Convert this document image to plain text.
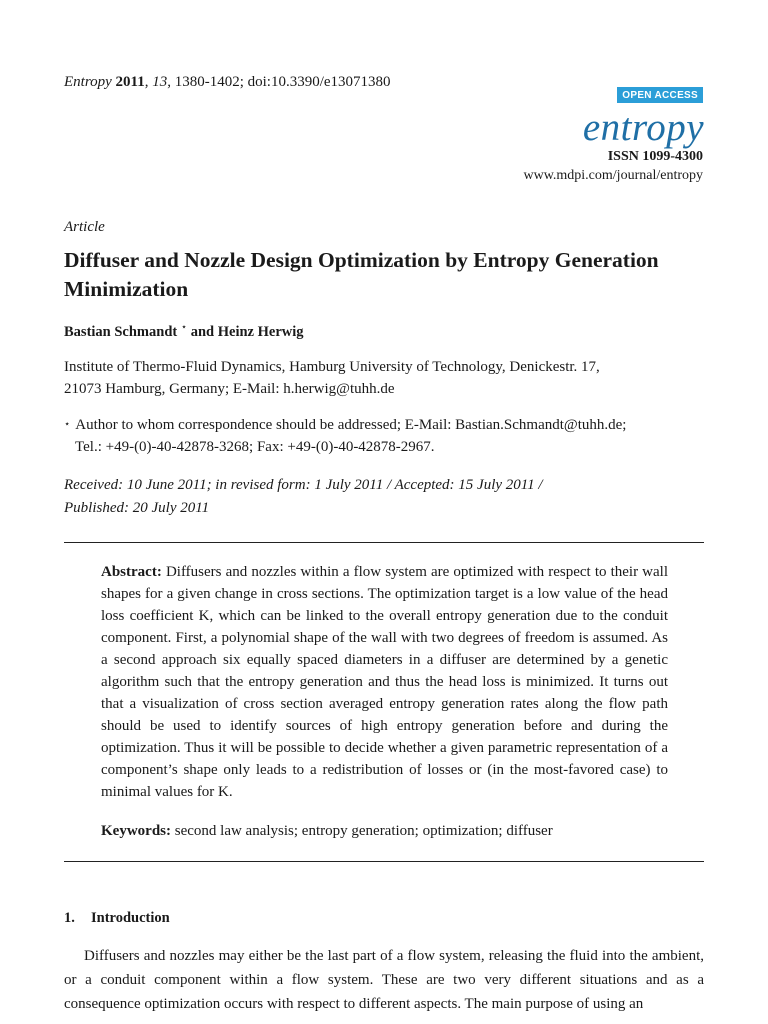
Entropy 2011, 13, 1380-1402; doi:10.3390/e13071380
OPEN ACCESS
entropy
ISSN 1099-4300
www.mdpi.com/journal/entropy
Article
Diffuser and Nozzle Design Optimization by Entropy Generation Minimization
Bastian Schmandt ⋆ and Heinz Herwig
Institute of Thermo-Fluid Dynamics, Hamburg University of Technology, Denickestr. 17,
21073 Hamburg, Germany; E-Mail: h.herwig@tuhh.de
⋆ Author to whom correspondence should be addressed; E-Mail: Bastian.Schmandt@tuhh.de;
Tel.: +49-(0)-40-42878-3268; Fax: +49-(0)-40-42878-2967.
Received: 10 June 2011; in revised form: 1 July 2011 / Accepted: 15 July 2011 /
Published: 20 July 2011
Abstract: Diffusers and nozzles within a flow system are optimized with respect to their wall shapes for a given change in cross sections. The optimization target is a low value of the head loss coefficient K, which can be linked to the overall entropy generation due to the conduit component. First, a polynomial shape of the wall with two degrees of freedom is assumed. As a second approach six equally spaced diameters in a diffuser are determined by a genetic algorithm such that the entropy generation and thus the head loss is minimized. It turns out that a visualization of cross section averaged entropy generation rates along the flow path should be used to identify sources of high entropy generation before and during the optimization. Thus it will be possible to decide whether a given parametric representation of a component’s shape only leads to a redistribution of losses or (in the most-favored case) to minimal values for K.
Keywords: second law analysis; entropy generation; optimization; diffuser
1. Introduction
Diffusers and nozzles may either be the last part of a flow system, releasing the fluid into the ambient, or a conduit component within a flow system. These are two very different situations and as a consequence optimization occurs with respect to different aspects. The main purpose of using an
